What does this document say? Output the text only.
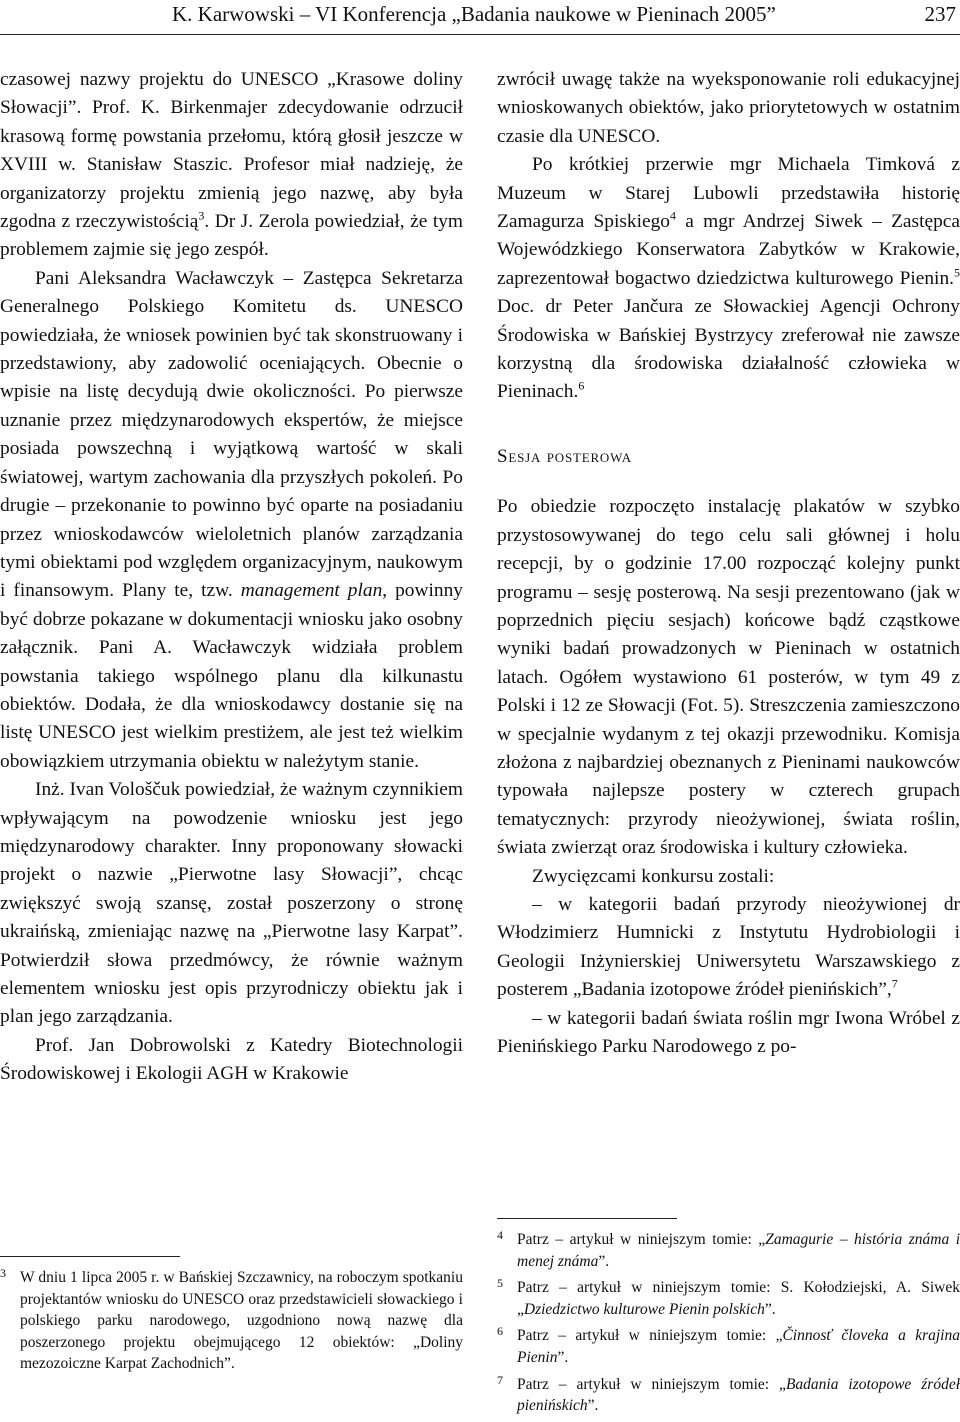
K. Karwowski – VI Konferencja „Badania naukowe w Pieninach 2005”	237

czasowej nazwy projektu do UNESCO „Krasowe doliny Słowacji”. Prof. K. Birkenmajer zdecydowanie odrzucił krasową formę powstania przełomu, którą głosił jeszcze w XVIII w. Stanisław Staszic. Profesor miał nadzieję, że organizatorzy projektu zmienią jego nazwę, aby była zgodna z rzeczywistością$^3$. Dr J. Zerola powiedział, że tym problemem zajmie się jego zespół.

Pani Aleksandra Wacławczyk – Zastępca Sekretarza Generalnego Polskiego Komitetu ds. UNESCO powiedziała, że wniosek powinien być tak skonstruowany i przedstawiony, aby zadowolić oceniających. Obecnie o wpisie na listę decydują dwie okoliczności. Po pierwsze uznanie przez międzynarodowych ekspertów, że miejsce posiada powszechną i wyjątkową wartość w skali światowej, wartym zachowania dla przyszłych pokoleń. Po drugie – przekonanie to powinno być oparte na posiadaniu przez wnioskodawców wieloletnich planów zarządzania tymi obiektami pod względem organizacyjnym, naukowym i finansowym. Plany te, tzw. management plan, powinny być dobrze pokazane w dokumentacji wniosku jako osobny załącznik. Pani A. Wacławczyk widziała problem powstania takiego wspólnego planu dla kilkunastu obiektów. Dodała, że dla wnioskodawcy dostanie się na listę UNESCO jest wielkim prestiżem, ale jest też wielkim obowiązkiem utrzymania obiektu w należytym stanie.

Inż. Ivan Vološčuk powiedział, że ważnym czynnikiem wpływającym na powodzenie wniosku jest jego międzynarodowy charakter. Inny proponowany słowacki projekt o nazwie „Pierwotne lasy Słowacji”, chcąc zwiększyć swoją szansę, został poszerzony o stronę ukraińską, zmieniając nazwę na „Pierwotne lasy Karpat”. Potwierdził słowa przedmówcy, że równie ważnym elementem wniosku jest opis przyrodniczy obiektu jak i plan jego zarządzania.

Prof. Jan Dobrowolski z Katedry Biotechnologii Środowiskowej i Ekologii AGH w Krakowie

zwrócił uwagę także na wyeksponowanie roli edukacyjnej wnioskowanych obiektów, jako priorytetowych w ostatnim czasie dla UNESCO.

Po krótkiej przerwie mgr Michaela Timková z Muzeum w Starej Lubowli przedstawiła historię Zamagurza Spiskiego$^4$ a mgr Andrzej Siwek – Zastępca Wojewódzkiego Konserwatora Zabytków w Krakowie, zaprezentował bogactwo dziedzictwa kulturowego Pienin.$^5$ Doc. dr Peter Jančura ze Słowackiej Agencji Ochrony Środowiska w Bańskiej Bystrzycy zreferował nie zawsze korzystną dla środowiska działalność człowieka w Pieninach.$^6$

Sesja posterowa

Po obiedzie rozpoczęto instalację plakatów w szybko przystosowywanej do tego celu sali głównej i holu recepcji, by o godzinie 17.00 rozpocząć kolejny punkt programu – sesję posterową. Na sesji prezentowano (jak w poprzednich pięciu sesjach) końcowe bądź cząstkowe wyniki badań prowadzonych w Pieninach w ostatnich latach. Ogółem wystawiono 61 posterów, w tym 49 z Polski i 12 ze Słowacji (Fot. 5). Streszczenia zamieszczono w specjalnie wydanym z tej okazji przewodniku. Komisja złożona z najbardziej obeznanych z Pieninami naukowców typowała najlepsze postery w czterech grupach tematycznych: przyrody nieożywionej, świata roślin, świata zwierząt oraz środowiska i kultury człowieka.

Zwycięzcami konkursu zostali:

– w kategorii badań przyrody nieożywionej dr Włodzimierz Humnicki z Instytutu Hydrobiologii i Geologii Inżynierskiej Uniwersytetu Warszawskiego z posterem „Badania izotopowe źródeł pienińskich”,$^7$

– w kategorii badań świata roślin mgr Iwona Wróbel z Pienińskiego Parku Narodowego z po-

3 W dniu 1 lipca 2005 r. w Bańskiej Szczawnicy, na roboczym spotkaniu projektantów wniosku do UNESCO oraz przedstawicieli słowackiego i polskiego parku narodowego, uzgodniono nową nazwę dla poszerzonego projektu obejmującego 12 obiektów: „Doliny mezozoiczne Karpat Zachodnich”.
4 Patrz – artykuł w niniejszym tomie: „Zamagurie – história známa i menej známa”.
5 Patrz – artykuł w niniejszym tomie: S. Kołodziejski, A. Siwek „Dziedzictwo kulturowe Pienin polskich”.
6 Patrz – artykuł w niniejszym tomie: „Činnosť človeka a krajina Pienin”.
7 Patrz – artykuł w niniejszym tomie: „Badania izotopowe źródeł pienińskich”.
